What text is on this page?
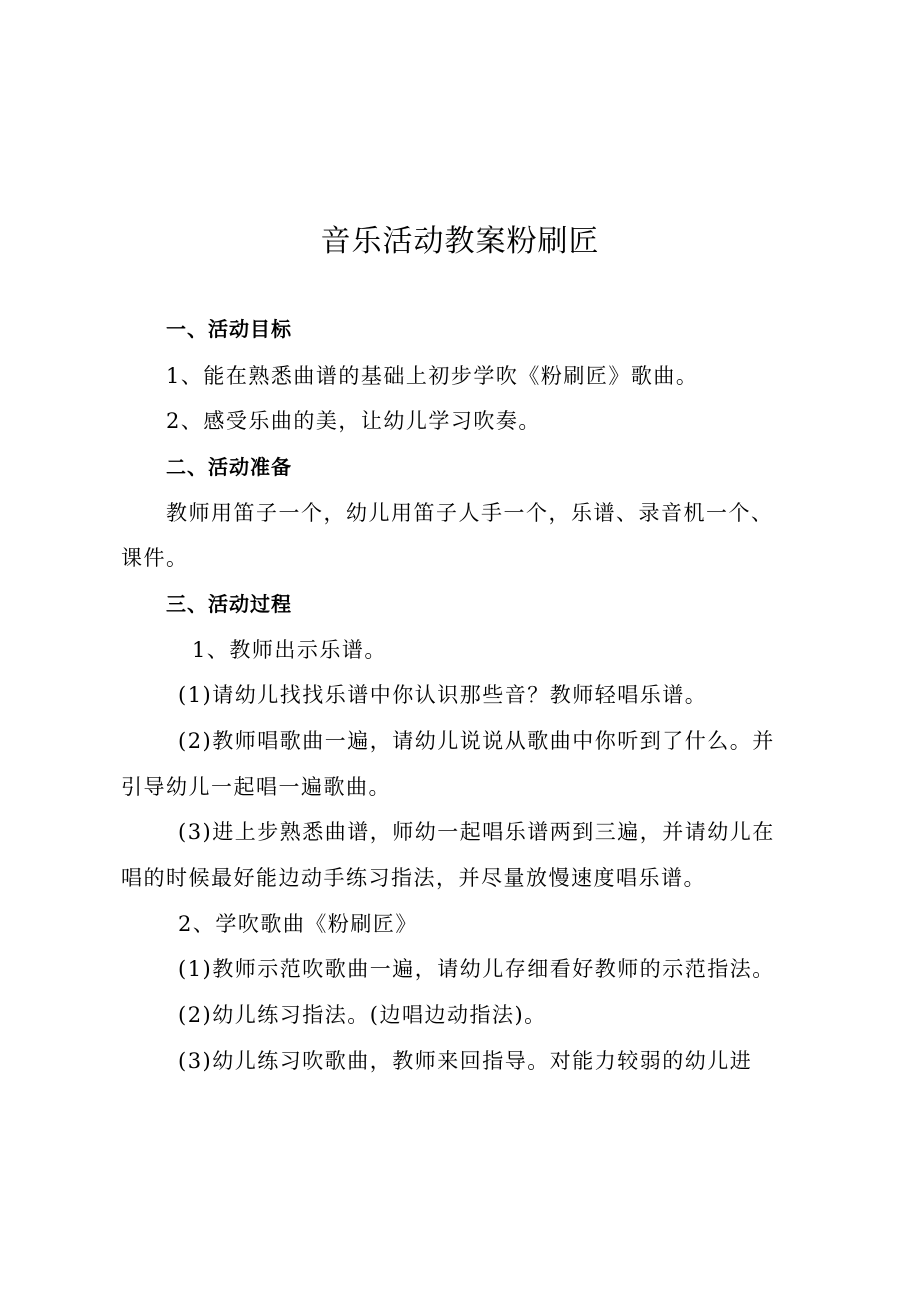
音乐活动教案粉刷匠
一、活动目标
1、能在熟悉曲谱的基础上初步学吹《粉刷匠》歌曲。
2、感受乐曲的美，让幼儿学习吹奏。
二、活动准备
教师用笛子一个，幼儿用笛子人手一个，乐谱、录音机一个、
课件。
三、活动过程
1、教师出示乐谱。
(1)请幼儿找找乐谱中你认识那些音？教师轻唱乐谱。
(2)教师唱歌曲一遍，请幼儿说说从歌曲中你听到了什么。并
引导幼儿一起唱一遍歌曲。
(3)进上步熟悉曲谱，师幼一起唱乐谱两到三遍，并请幼儿在
唱的时候最好能边动手练习指法，并尽量放慢速度唱乐谱。
2、学吹歌曲《粉刷匠》
(1)教师示范吹歌曲一遍，请幼儿存细看好教师的示范指法。
(2)幼儿练习指法。(边唱边动指法)。
(3)幼儿练习吹歌曲，教师来回指导。对能力较弱的幼儿进
